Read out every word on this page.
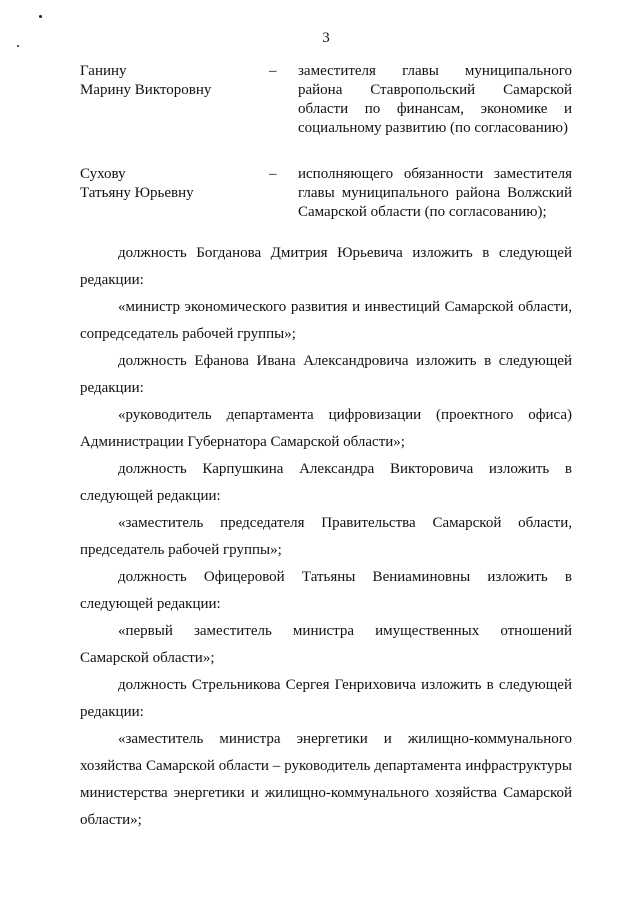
3
Ганину
Марину Викторовну
– заместителя главы муниципального района Ставропольский Самарской области по финансам, экономике и социальному развитию (по согласованию)
Сухову
Татьяну Юрьевну
– исполняющего обязанности заместителя главы муниципального района Волжский Самарской области (по согласованию);

должность Богданова Дмитрия Юрьевича изложить в следующей редакции:

«министр экономического развития и инвестиций Самарской области, сопредседатель рабочей группы»;

должность Ефанова Ивана Александровича изложить в следующей редакции:

«руководитель департамента цифровизации (проектного офиса) Администрации Губернатора Самарской области»;

должность Карпушкина Александра Викторовича изложить в следующей редакции:

«заместитель председателя Правительства Самарской области, председатель рабочей группы»;

должность Офицеровой Татьяны Вениаминовны изложить в следующей редакции:

«первый заместитель министра имущественных отношений Самарской области»;

должность Стрельникова Сергея Генриховича изложить в следующей редакции:

«заместитель министра энергетики и жилищно-коммунального хозяйства Самарской области – руководитель департамента инфраструктуры министерства энергетики и жилищно-коммунального хозяйства Самарской области»;
